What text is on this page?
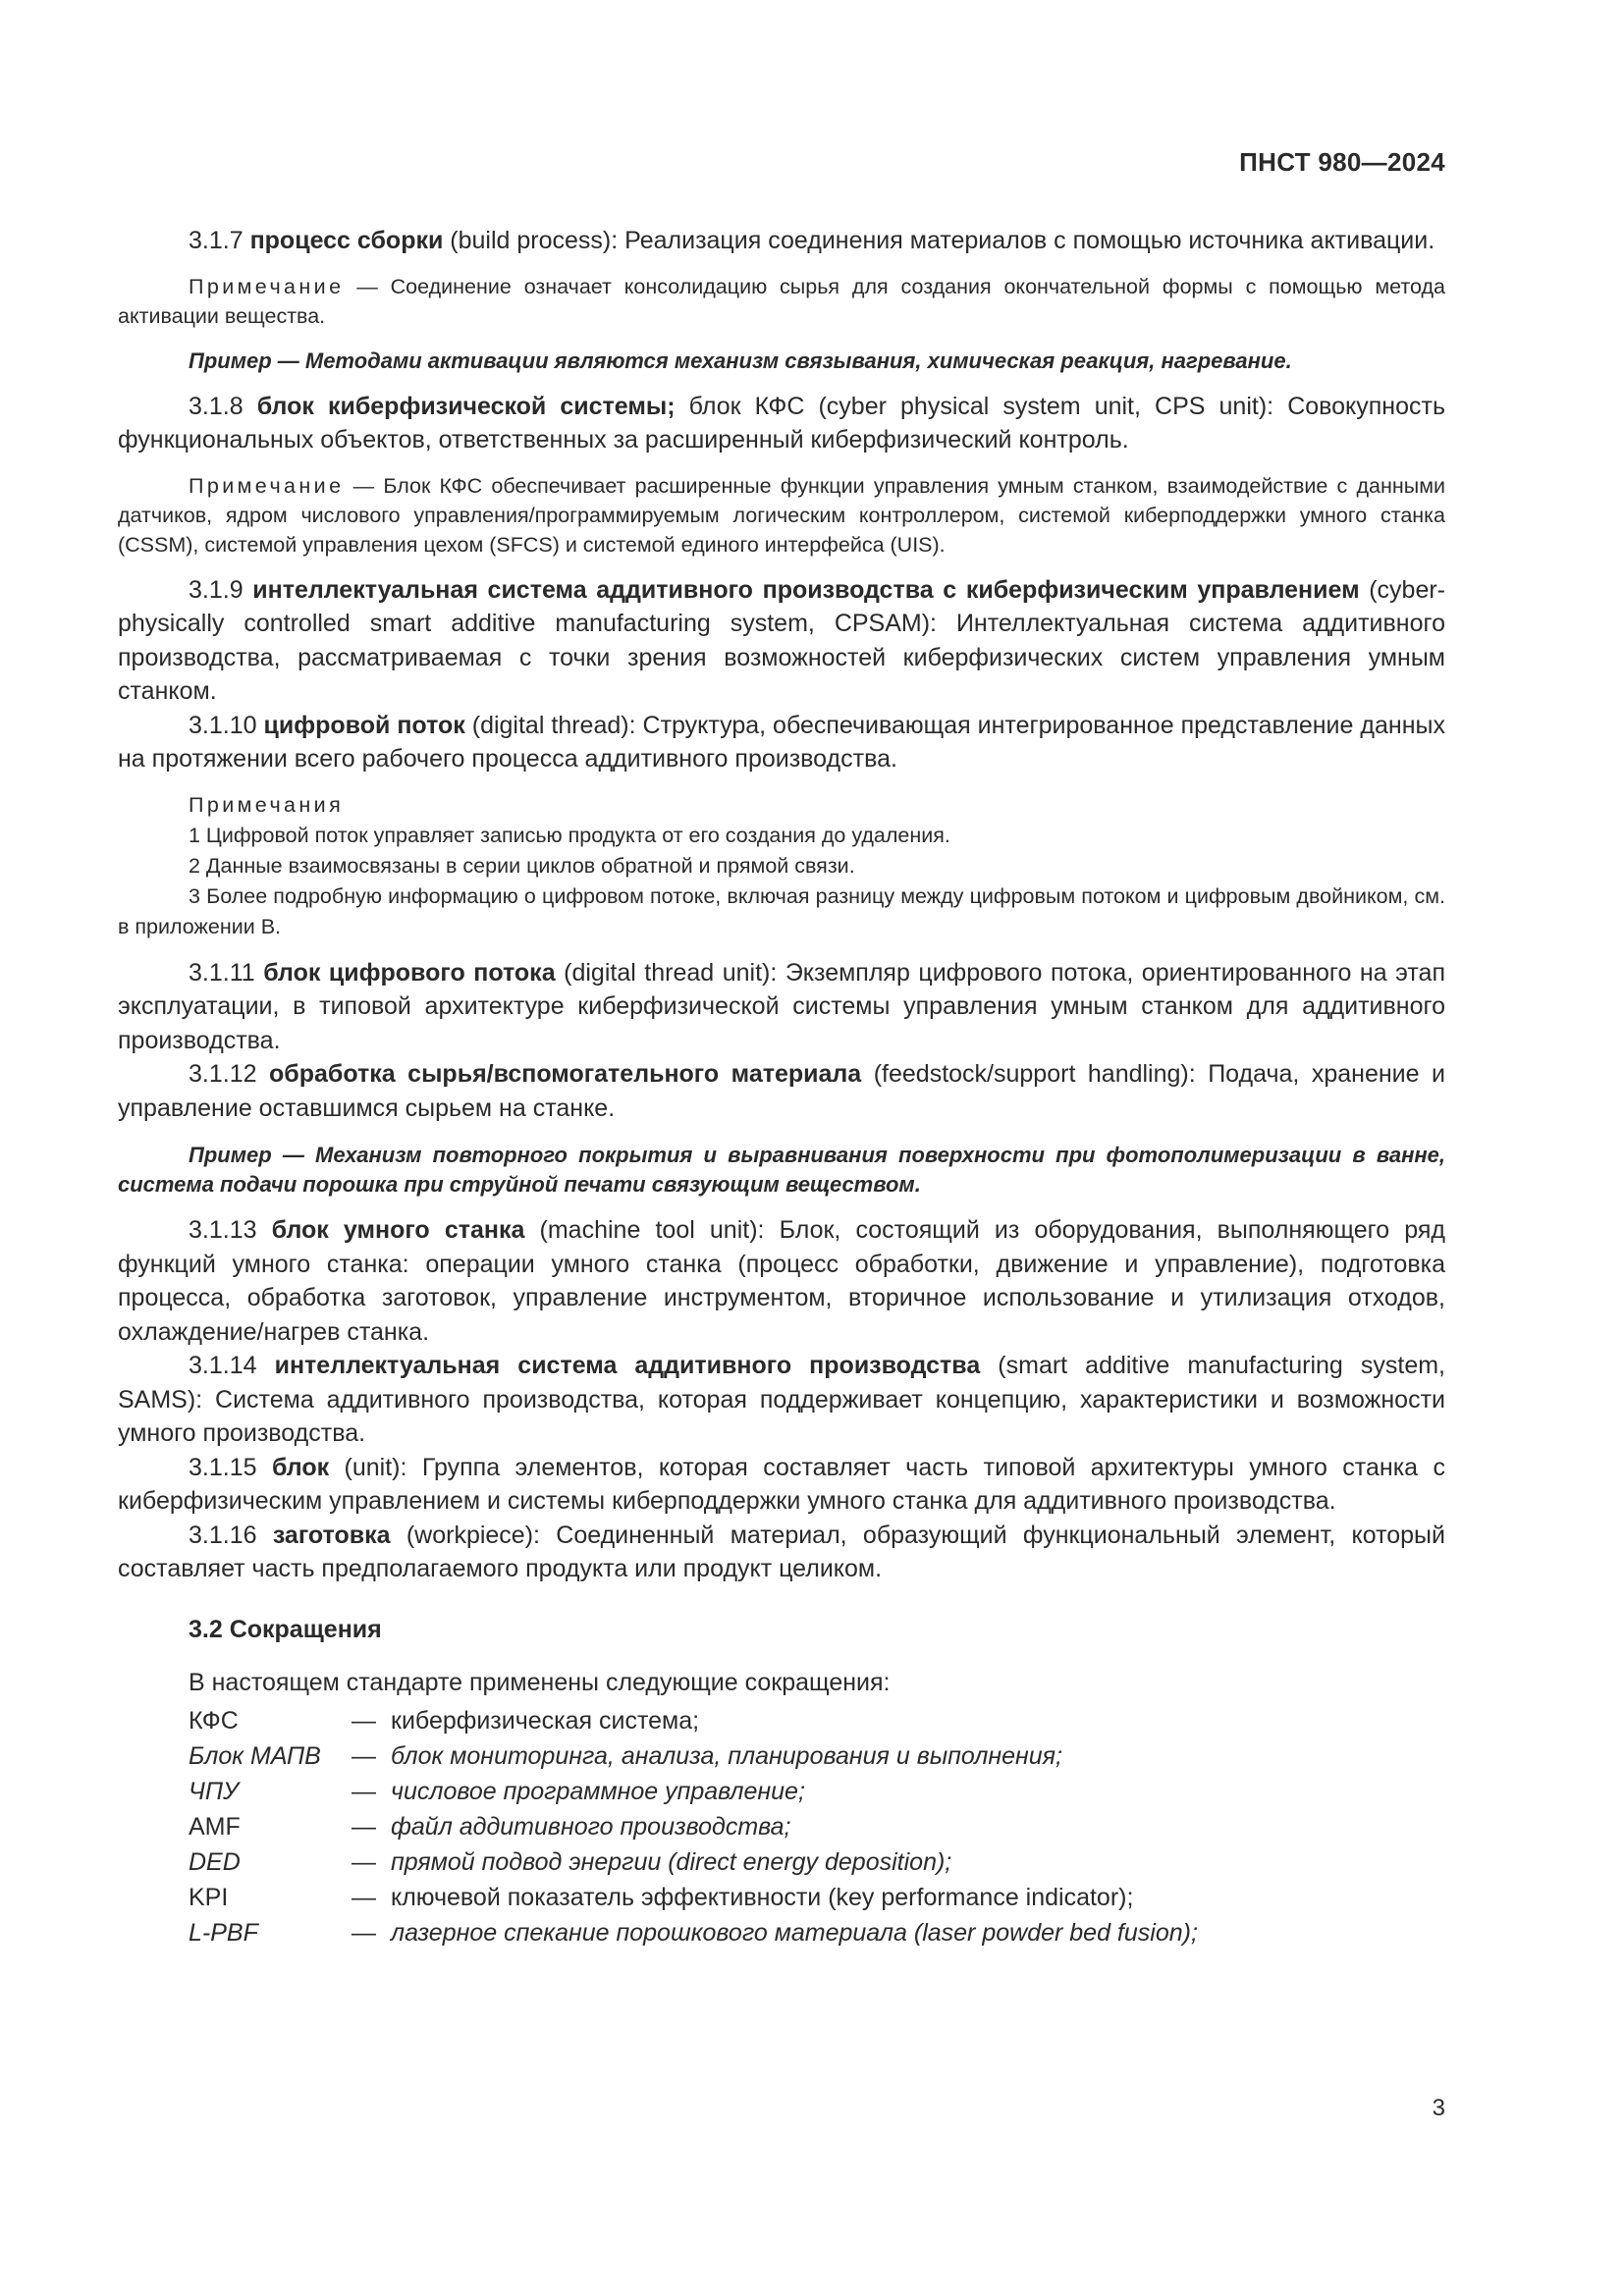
ПНСТ 980—2024

3.1.7 процесс сборки (build process): Реализация соединения материалов с помощью источника активации.

Примечание — Соединение означает консолидацию сырья для создания окончательной формы с помощью метода активации вещества.

Пример — Методами активации являются механизм связывания, химическая реакция, нагревание.

3.1.8 блок киберфизической системы; блок КФС (cyber physical system unit, CPS unit): Совокупность функциональных объектов, ответственных за расширенный киберфизический контроль.

Примечание — Блок КФС обеспечивает расширенные функции управления умным станком, взаимодействие с данными датчиков, ядром числового управления/программируемым логическим контроллером, системой киберподдержки умного станка (CSSM), системой управления цехом (SFCS) и системой единого интерфейса (UIS).

3.1.9 интеллектуальная система аддитивного производства с киберфизическим управлением (cyber-physically controlled smart additive manufacturing system, CPSAM): Интеллектуальная система аддитивного производства, рассматриваемая с точки зрения возможностей киберфизических систем управления умным станком.

3.1.10 цифровой поток (digital thread): Структура, обеспечивающая интегрированное представление данных на протяжении всего рабочего процесса аддитивного производства.

Примечания

1 Цифровой поток управляет записью продукта от его создания до удаления.

2 Данные взаимосвязаны в серии циклов обратной и прямой связи.

3 Более подробную информацию о цифровом потоке, включая разницу между цифровым потоком и цифровым двойником, см. в приложении В.

3.1.11 блок цифрового потока (digital thread unit): Экземпляр цифрового потока, ориентированного на этап эксплуатации, в типовой архитектуре киберфизической системы управления умным станком для аддитивного производства.

3.1.12 обработка сырья/вспомогательного материала (feedstock/support handling): Подача, хранение и управление оставшимся сырьем на станке.

Пример — Механизм повторного покрытия и выравнивания поверхности при фотополимеризации в ванне, система подачи порошка при струйной печати связующим веществом.

3.1.13 блок умного станка (machine tool unit): Блок, состоящий из оборудования, выполняющего ряд функций умного станка: операции умного станка (процесс обработки, движение и управление), подготовка процесса, обработка заготовок, управление инструментом, вторичное использование и утилизация отходов, охлаждение/нагрев станка.

3.1.14 интеллектуальная система аддитивного производства (smart additive manufacturing system, SAMS): Система аддитивного производства, которая поддерживает концепцию, характеристики и возможности умного производства.

3.1.15 блок (unit): Группа элементов, которая составляет часть типовой архитектуры умного станка с киберфизическим управлением и системы киберподдержки умного станка для аддитивного производства.

3.1.16 заготовка (workpiece): Соединенный материал, образующий функциональный элемент, который составляет часть предполагаемого продукта или продукт целиком.

3.2 Сокращения
В настоящем стандарте применены следующие сокращения:
КФС	— киберфизическая система;
Блок МАПВ	— блок мониторинга, анализа, планирования и выполнения;
ЧПУ	— числовое программное управление;
AMF	— файл аддитивного производства;
DED	— прямой подвод энергии (direct energy deposition);
KPI	— ключевой показатель эффективности (key performance indicator);
L-PBF	— лазерное спекание порошкового материала (laser powder bed fusion);
3
